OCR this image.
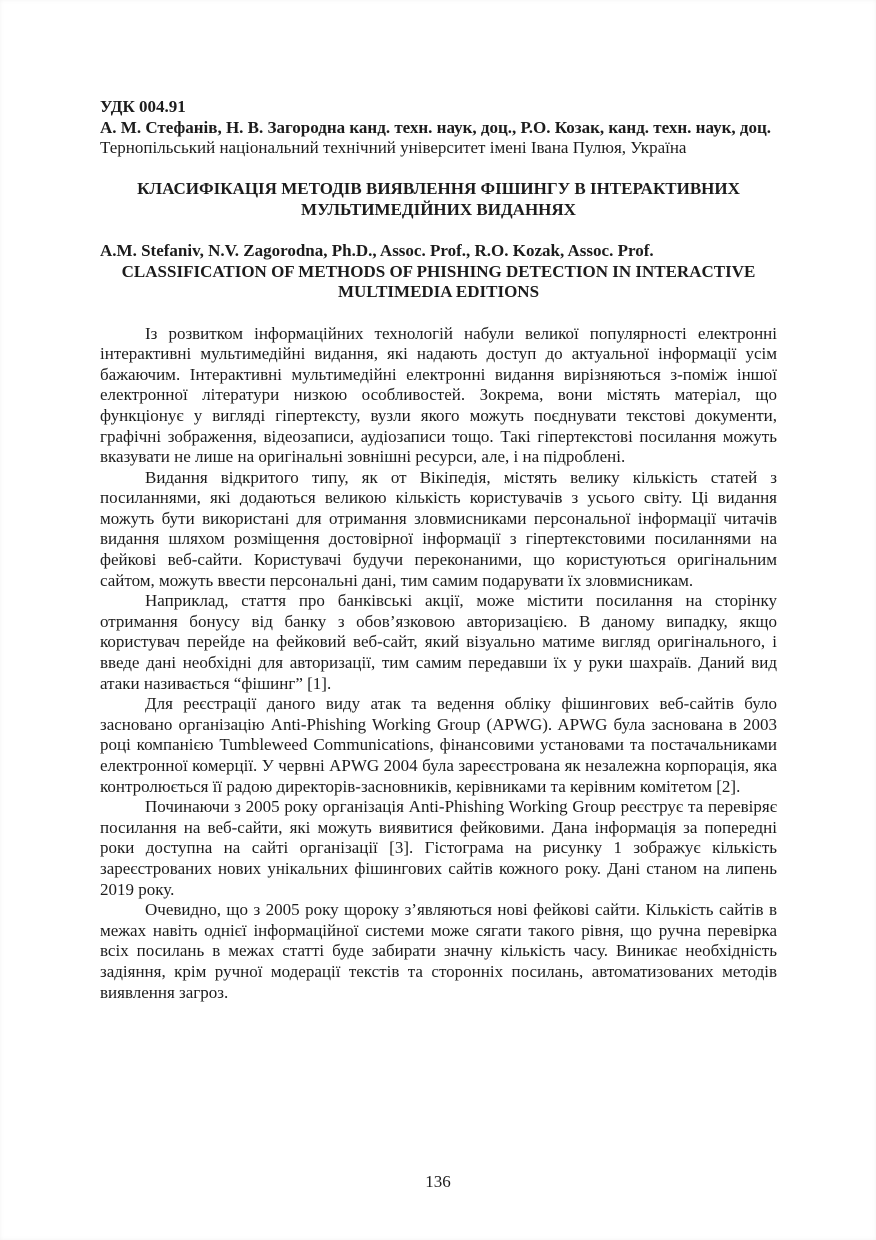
УДК 004.91

А. М. Стефанів, Н. В. Загородна канд. техн. наук, доц., Р.О. Козак, канд. техн. наук, доц.

Тернопільський національний технічний університет імені Івана Пулюя, Україна

КЛАСИФІКАЦІЯ МЕТОДІВ ВИЯВЛЕННЯ ФІШИНГУ В ІНТЕРАКТИВНИХ МУЛЬТИМЕДІЙНИХ ВИДАННЯХ

A.M. Stefaniv, N.V. Zagorodna, Ph.D., Assoc. Prof., R.O. Kozak, Assoc. Prof.

CLASSIFICATION OF METHODS OF PHISHING DETECTION IN INTERACTIVE MULTIMEDIA EDITIONS

Із розвитком інформаційних технологій набули великої популярності електронні інтерактивні мультимедійні видання, які надають доступ до актуальної інформації усім бажаючим. Інтерактивні мультимедійні електронні видання вирізняються з-поміж іншої електронної літератури низкою особливостей. Зокрема, вони містять матеріал, що функціонує у вигляді гіпертексту, вузли якого можуть поєднувати текстові документи, графічні зображення, відеозаписи, аудіозаписи тощо. Такі гіпертекстові посилання можуть вказувати не лише на оригінальні зовнішні ресурси, але, і на підроблені.

Видання відкритого типу, як от Вікіпедія, містять велику кількість статей з посиланнями, які додаються великою кількість користувачів з усього світу. Ці видання можуть бути використані для отримання зловмисниками персональної інформації читачів видання шляхом розміщення достовірної інформації з гіпертекстовими посиланнями на фейкові веб-сайти. Користувачі будучи переконаними, що користуються оригінальним сайтом, можуть ввести персональні дані, тим самим подарувати їх зловмисникам.

Наприклад, стаття про банківські акції, може містити посилання на сторінку отримання бонусу від банку з обов’язковою авторизацією. В даному випадку, якщо користувач перейде на фейковий веб-сайт, який візуально матиме вигляд оригінального, і введе дані необхідні для авторизації, тим самим передавши їх у руки шахраїв. Даний вид атаки називається “фішинг” [1].

Для реєстрації даного виду атак та ведення обліку фішингових веб-сайтів було засновано організацію Anti-Phishing Working Group (APWG). APWG була заснована в 2003 році компанією Tumbleweed Communications, фінансовими установами та постачальниками електронної комерції. У червні APWG 2004 була зареєстрована як незалежна корпорація, яка контролюється її радою директорів-засновників, керівниками та керівним комітетом [2].

Починаючи з 2005 року організація Anti-Phishing Working Group реєструє та перевіряє посилання на веб-сайти, які можуть виявитися фейковими. Дана інформація за попередні роки доступна на сайті організації [3]. Гістограма на рисунку 1 зображує кількість зареєстрованих нових унікальних фішингових сайтів кожного року. Дані станом на липень 2019 року.

Очевидно, що з 2005 року щороку з’являються нові фейкові сайти. Кількість сайтів в межах навіть однієї інформаційної системи може сягати такого рівня, що ручна перевірка всіх посилань в межах статті буде забирати значну кількість часу. Виникає необхідність задіяння, крім ручної модерації текстів та сторонніх посилань, автоматизованих методів виявлення загроз.

136
